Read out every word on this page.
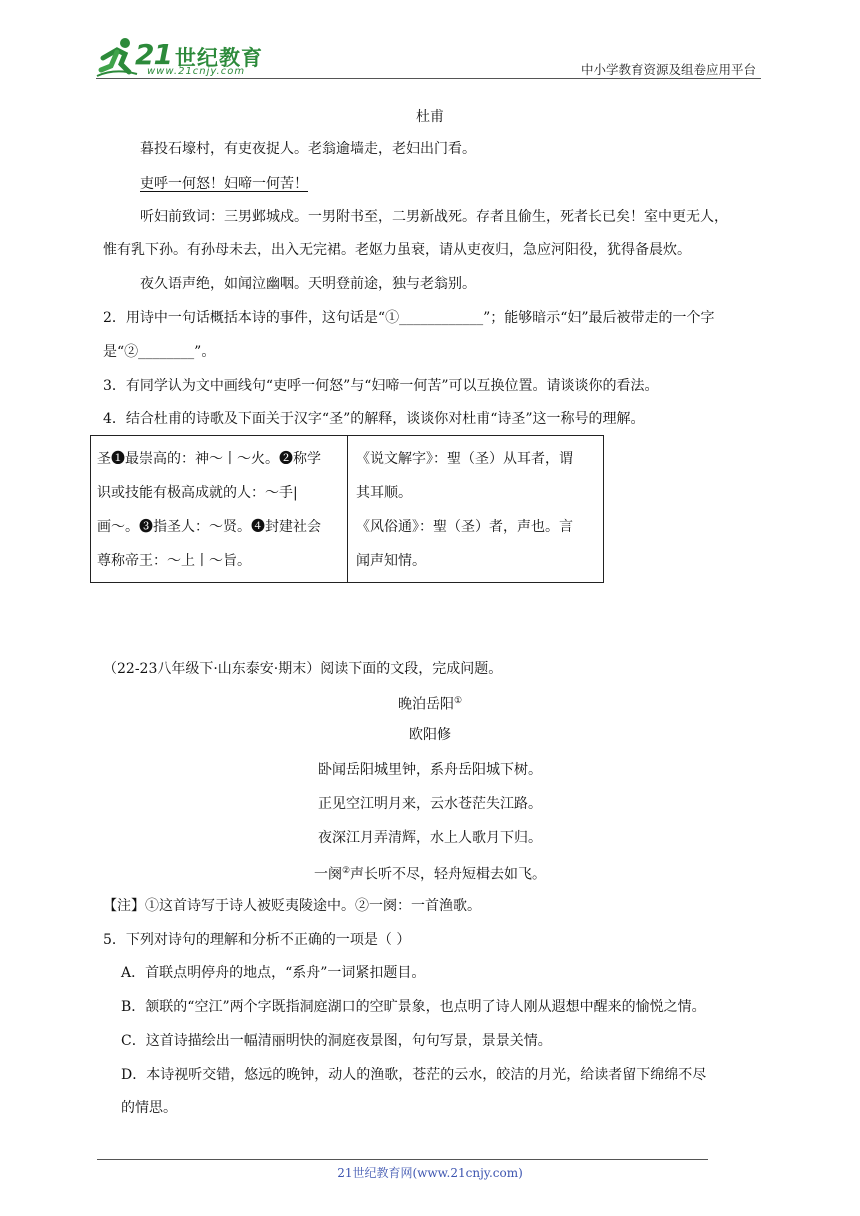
21 世纪教育
www.21cnjy.com	中小学教育资源及组卷应用平台
杜甫
暮投石壕村，有吏夜捉人。老翁逾墙走，老妇出门看。
吏呼一何怒！妇啼一何苦！
听妇前致词：三男邺城戍。一男附书至，二男新战死。存者且偷生，死者长已矣！室中更无人，
惟有乳下孙。有孙母未去，出入无完裙。老妪力虽衰，请从吏夜归，急应河阳役，犹得备晨炊。
夜久语声绝，如闻泣幽咽。天明登前途，独与老翁别。
2．用诗中一句话概括本诗的事件，这句话是“①____________”；能够暗示“妇”最后被带走的一个字
是“②________”。
3．有同学认为文中画线句“吏呼一何怒”与“妇啼一何苦”可以互换位置。请谈谈你的看法。
4．结合杜甫的诗歌及下面关于汉字“圣”的解释，谈谈你对杜甫“诗圣”这一称号的理解。
圣❶最崇高的：神～丨～火。❷称学
识或技能有极高成就的人：～手|
画～。❸指圣人：～贤。❹封建社会
尊称帝王：～上丨～旨。
《说文解字》：聖（圣）从耳者，谓
其耳顺。
《风俗通》：聖（圣）者，声也。言
闻声知情。
（22-23八年级下·山东泰安·期末）阅读下面的文段，完成问题。
晚泊岳阳①
欧阳修
卧闻岳阳城里钟，系舟岳阳城下树。
正见空江明月来，云水苍茫失江路。
夜深江月弄清辉，水上人歌月下归。
一阕②声长听不尽，轻舟短楫去如飞。
【注】①这首诗写于诗人被贬夷陵途中。②一阕：一首渔歌。
5．下列对诗句的理解和分析不正确的一项是（ ）
A．首联点明停舟的地点，“系舟”一词紧扣题目。
B．颔联的“空江”两个字既指洞庭湖口的空旷景象，也点明了诗人刚从遐想中醒来的愉悦之情。
C．这首诗描绘出一幅清丽明快的洞庭夜景图，句句写景，景景关情。
D．本诗视听交错，悠远的晚钟，动人的渔歌，苍茫的云水，皎洁的月光，给读者留下绵绵不尽
的情思。
21世纪教育网(www.21cnjy.com)
